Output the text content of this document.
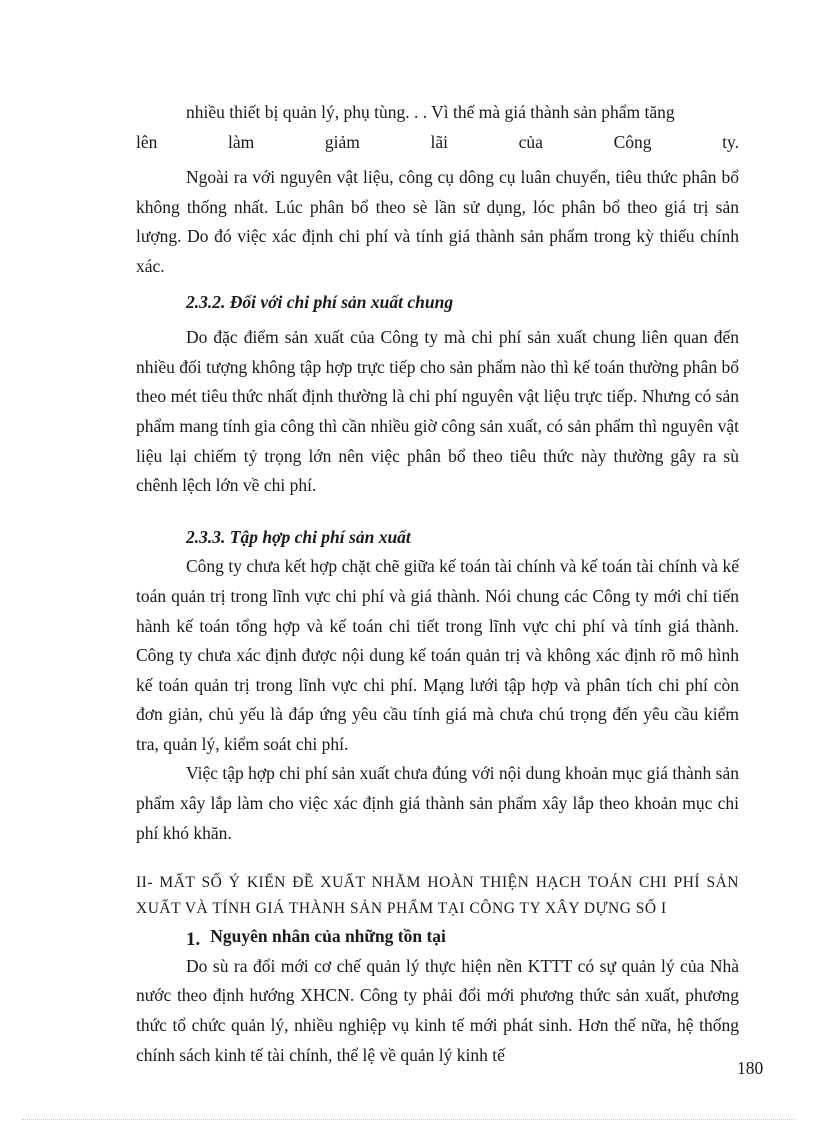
nhiều thiết bị quản lý, phụ tùng. . . Vì thế mà giá thành sản phẩm tăng

lên	làm	giảm	lãi	của	Công	ty.

Ngoài ra với nguyên vật liệu, công cụ dông cụ luân chuyển, tiêu thức phân bổ không thống nhất. Lúc phân bổ theo sè lần sử dụng, lóc phân bổ theo giá trị sản lượng. Do đó việc xác định chi phí và tính giá thành sản phẩm trong kỳ thiếu chính xác.

2.3.2. Đối với chi phí sản xuất chung

Do đặc điểm sản xuất của Công ty mà chi phí sản xuất chung liên quan đến nhiều đối tượng không tập hợp trực tiếp cho sản phẩm nào thì kế toán thường phân bổ theo mét tiêu thức nhất định thường là chi phí nguyên vật liệu trực tiếp. Nhưng có sản phẩm mang tính gia công thì cần nhiều giờ công sản xuất, có sản phẩm thì nguyên vật liệu lại chiếm tỷ trọng lớn nên việc phân bổ theo tiêu thức này thường gây ra sù chênh lệch lớn về chi phí.

2.3.3. Tập hợp chi phí sản xuất

Công ty chưa kết hợp chặt chẽ giữa kế toán tài chính và kế toán tài chính và kế toán quản trị trong lĩnh vực chi phí và giá thành. Nói chung các Công ty mới chỉ tiến hành kế toán tổng hợp và kế toán chi tiết trong lĩnh vực chi phí và tính giá thành. Công ty chưa xác định được nội dung kế toán quản trị và không xác định rõ mô hình kế toán quản trị trong lĩnh vực chi phí. Mạng lưới tập hợp và phân tích chi phí còn đơn giản, chủ yếu là đáp ứng yêu cầu tính giá mà chưa chú trọng đến yêu cầu kiểm tra, quản lý, kiểm soát chi phí.

Việc tập hợp chi phí sản xuất chưa đúng với nội dung khoản mục giá thành sản phẩm xây lắp làm cho việc xác định giá thành sản phẩm xây lắp theo khoản mục chi phí khó khăn.

II- MẤT SỐ Ý KIẾN ĐỀ XUẤT NHẰM HOÀN THIỆN HẠCH TOÁN CHI PHÍ SẢN XUẤT VÀ TÍNH GIÁ THÀNH SẢN PHẨM TẠI CÔNG TY XÂY DỰNG SỐ I

1. Nguyên nhân của những tồn tại

Do sù ra đổi mới cơ chế quản lý thực hiện nền KTTT có sự quản lý của Nhà nước theo định hướng XHCN. Công ty phải đổi mới phương thức sản xuất, phương thức tổ chức quản lý, nhiều nghiệp vụ kinh tế mới phát sinh. Hơn thế nữa, hệ thống chính sách kinh tế tài chính, thể lệ về quản lý kinh tế

180
